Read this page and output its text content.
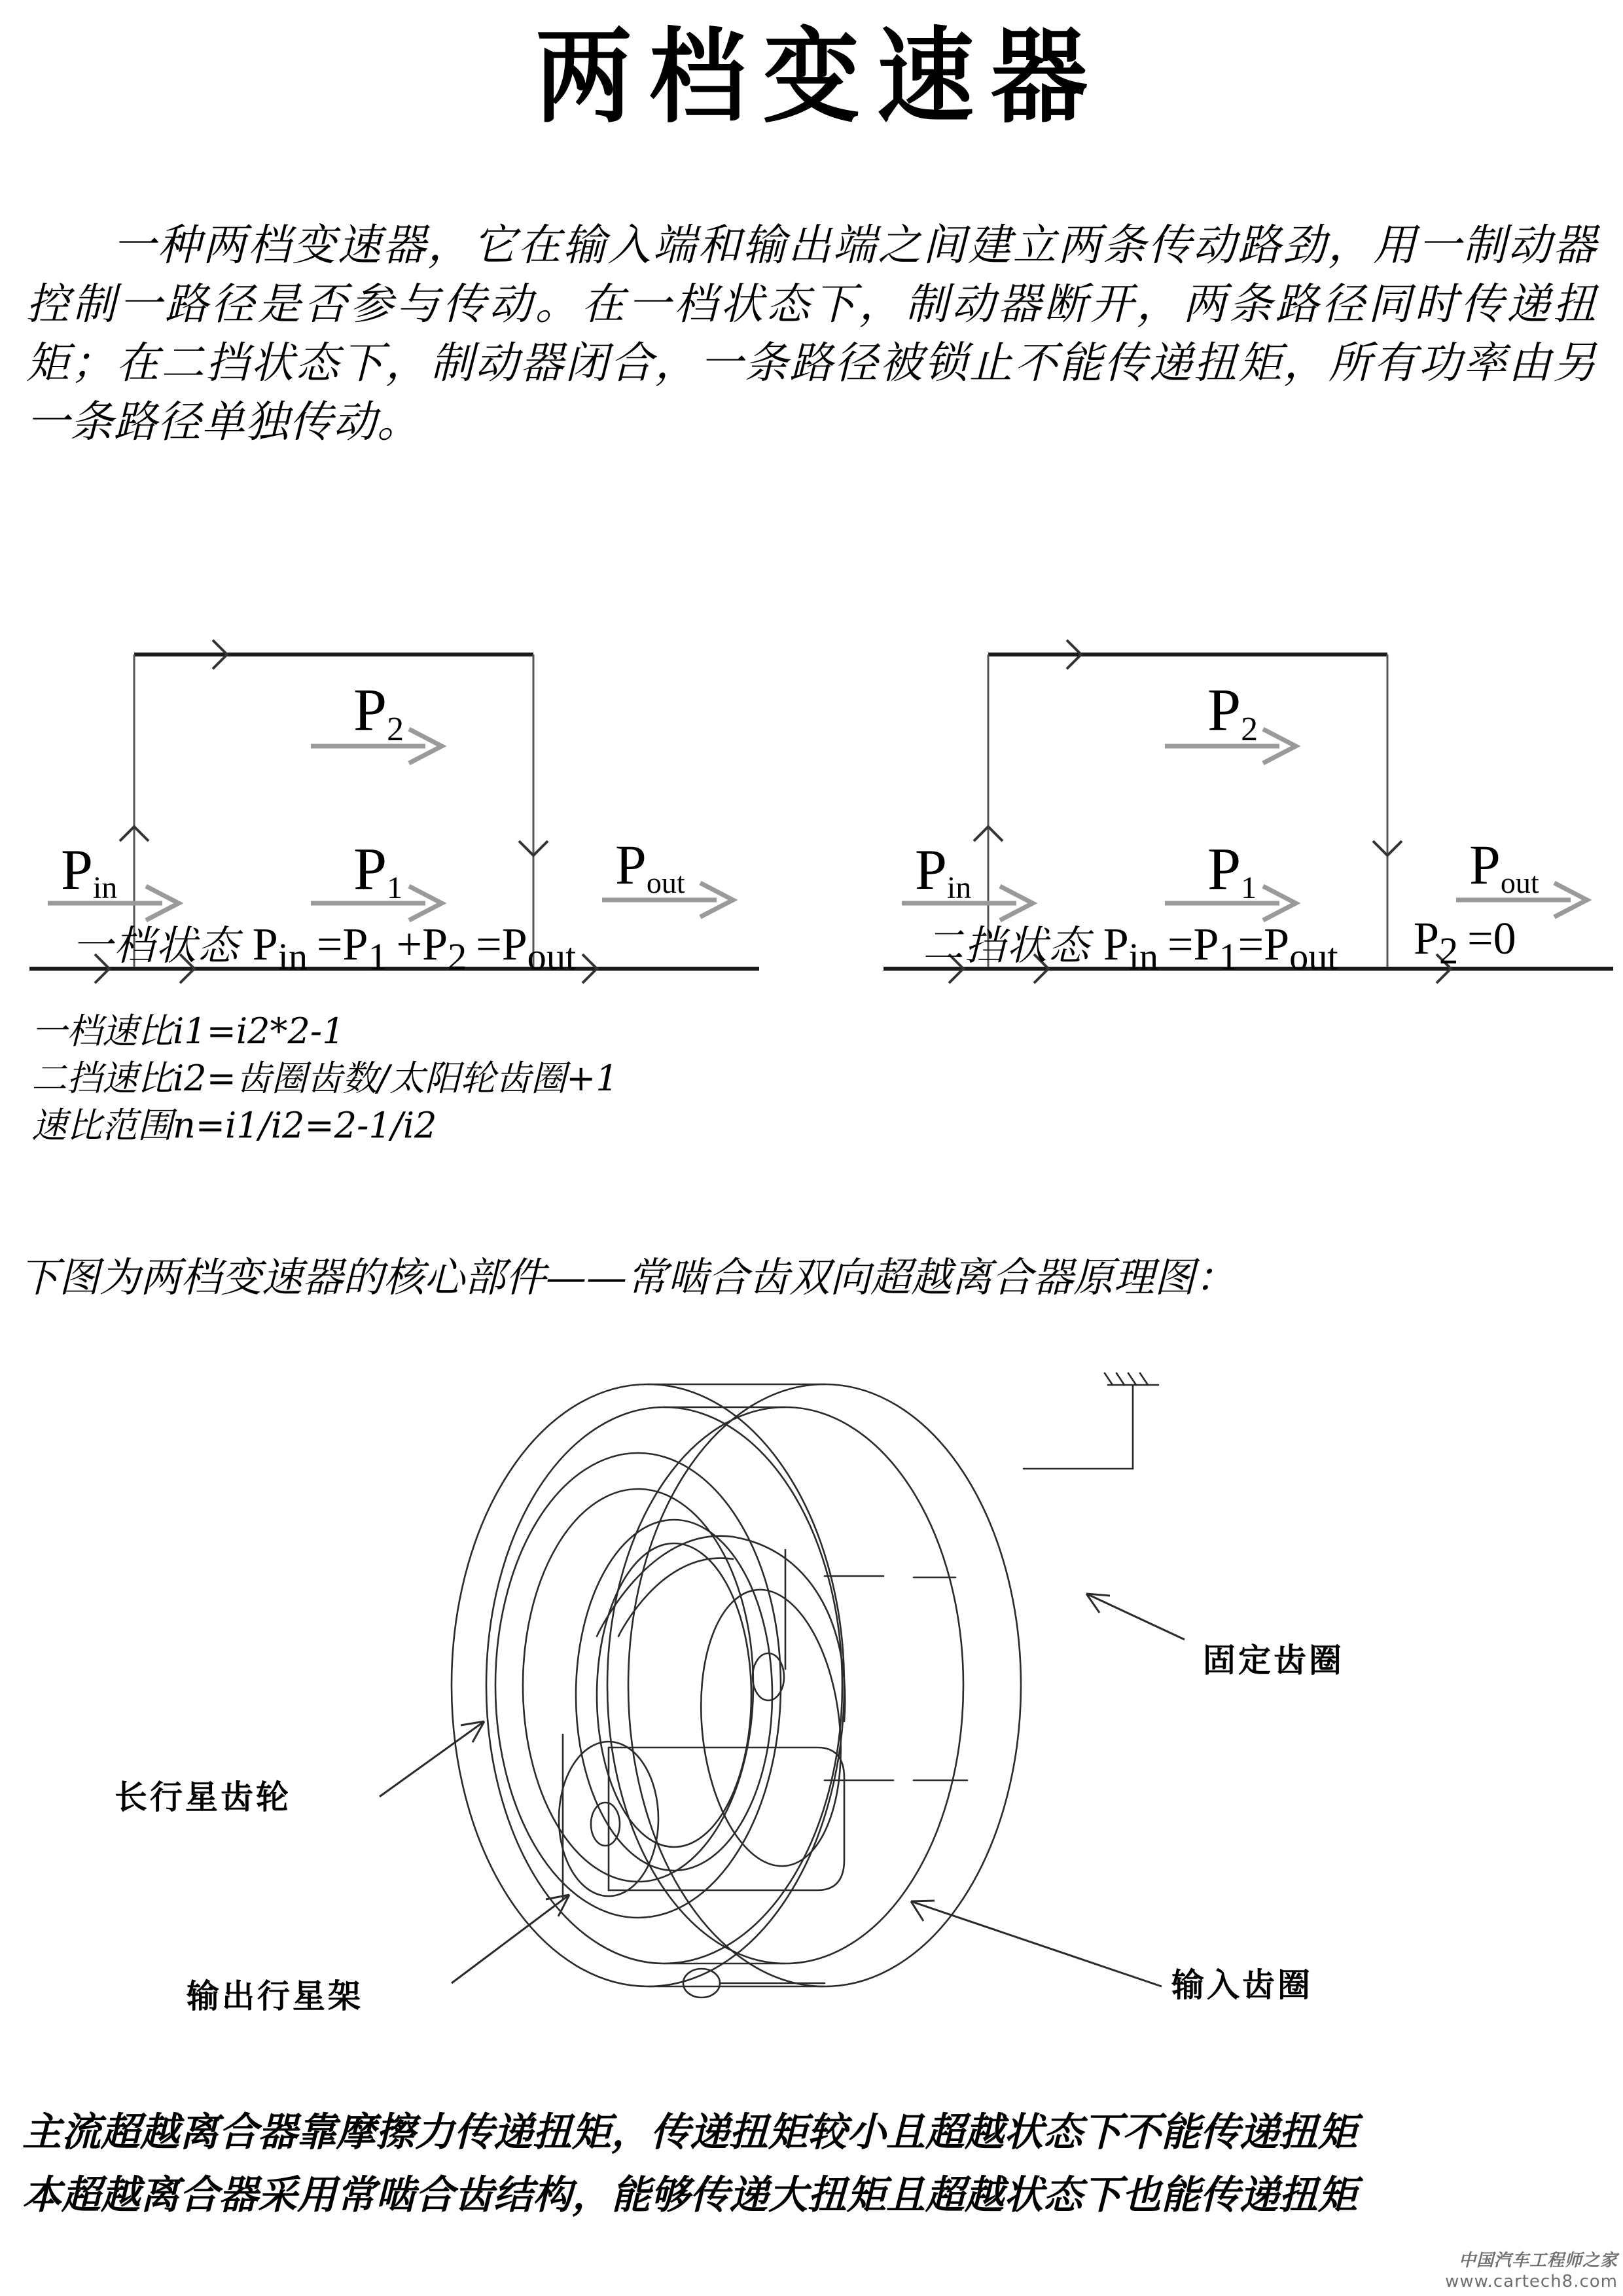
两档变速器
一种两档变速器，它在输入端和输出端之间建立两条传动路劲，用一制动器控制一路径是否参与传动。在一档状态下，制动器断开，两条路径同时传递扭矩；在二挡状态下，制动器闭合，一条路径被锁止不能传递扭矩，所有功率由另一条路径单独传动。
P2
Pin	P1	Pout
P2
Pin	P1	Pout
一档状态 $P_{in} =P_1 +P_2 =P_{out}$	二挡状态 $P_{in} =P_1=P_{out}$ $P_2 =0$
一档速比i1=i2*2-1
二挡速比i2=齿圈齿数/太阳轮齿圈+1
速比范围n=i1/i2=2-1/i2
下图为两档变速器的核心部件——常啮合齿双向超越离合器原理图：
固定齿圈
长行星齿轮
输出行星架	输入齿圈
主流超越离合器靠摩擦力传递扭矩，传递扭矩较小且超越状态下不能传递扭矩
本超越离合器采用常啮合齿结构，能够传递大扭矩且超越状态下也能传递扭矩
中国汽车工程师之家
www.cartech8.com
